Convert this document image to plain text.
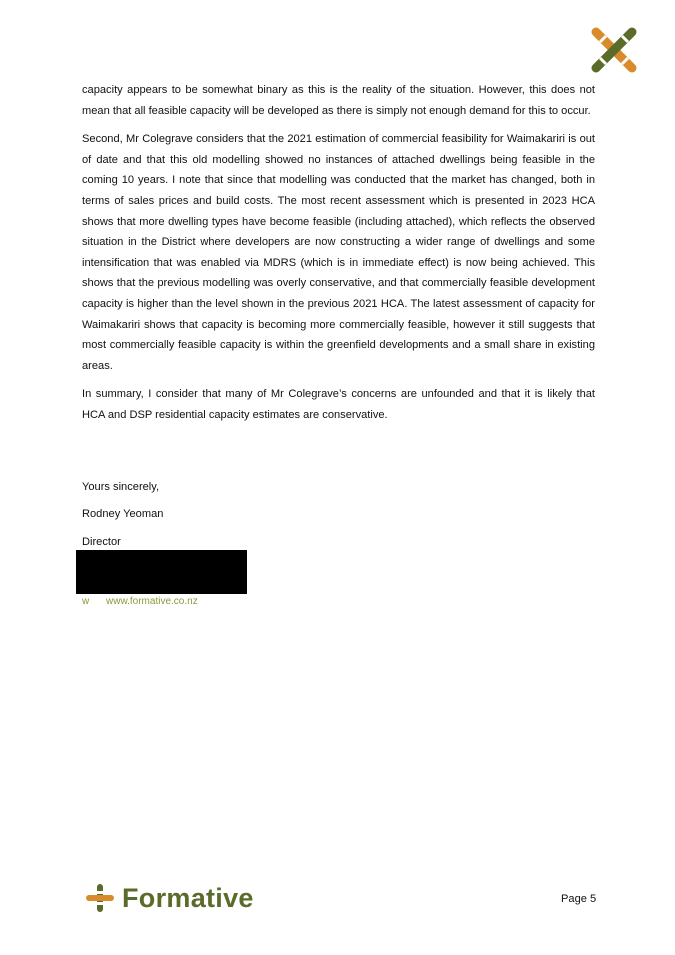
capacity appears to be somewhat binary as this is the reality of the situation. However, this does not mean that all feasible capacity will be developed as there is simply not enough demand for this to occur.

Second, Mr Colegrave considers that the 2021 estimation of commercial feasibility for Waimakariri is out of date and that this old modelling showed no instances of attached dwellings being feasible in the coming 10 years. I note that since that modelling was conducted that the market has changed, both in terms of sales prices and build costs. The most recent assessment which is presented in 2023 HCA shows that more dwelling types have become feasible (including attached), which reflects the observed situation in the District where developers are now constructing a wider range of dwellings and some intensification that was enabled via MDRS (which is in immediate effect) is now being achieved. This shows that the previous modelling was overly conservative, and that commercially feasible development capacity is higher than the level shown in the previous 2021 HCA. The latest assessment of capacity for Waimakariri shows that capacity is becoming more commercially feasible, however it still suggests that most commercially feasible capacity is within the greenfield developments and a small share in existing areas.

In summary, I consider that many of Mr Colegrave’s concerns are unfounded and that it is likely that HCA and DSP residential capacity estimates are conservative.

Yours sincerely,
Rodney Yeoman
Director
w www.formative.co.nz
Formative	Page 5
